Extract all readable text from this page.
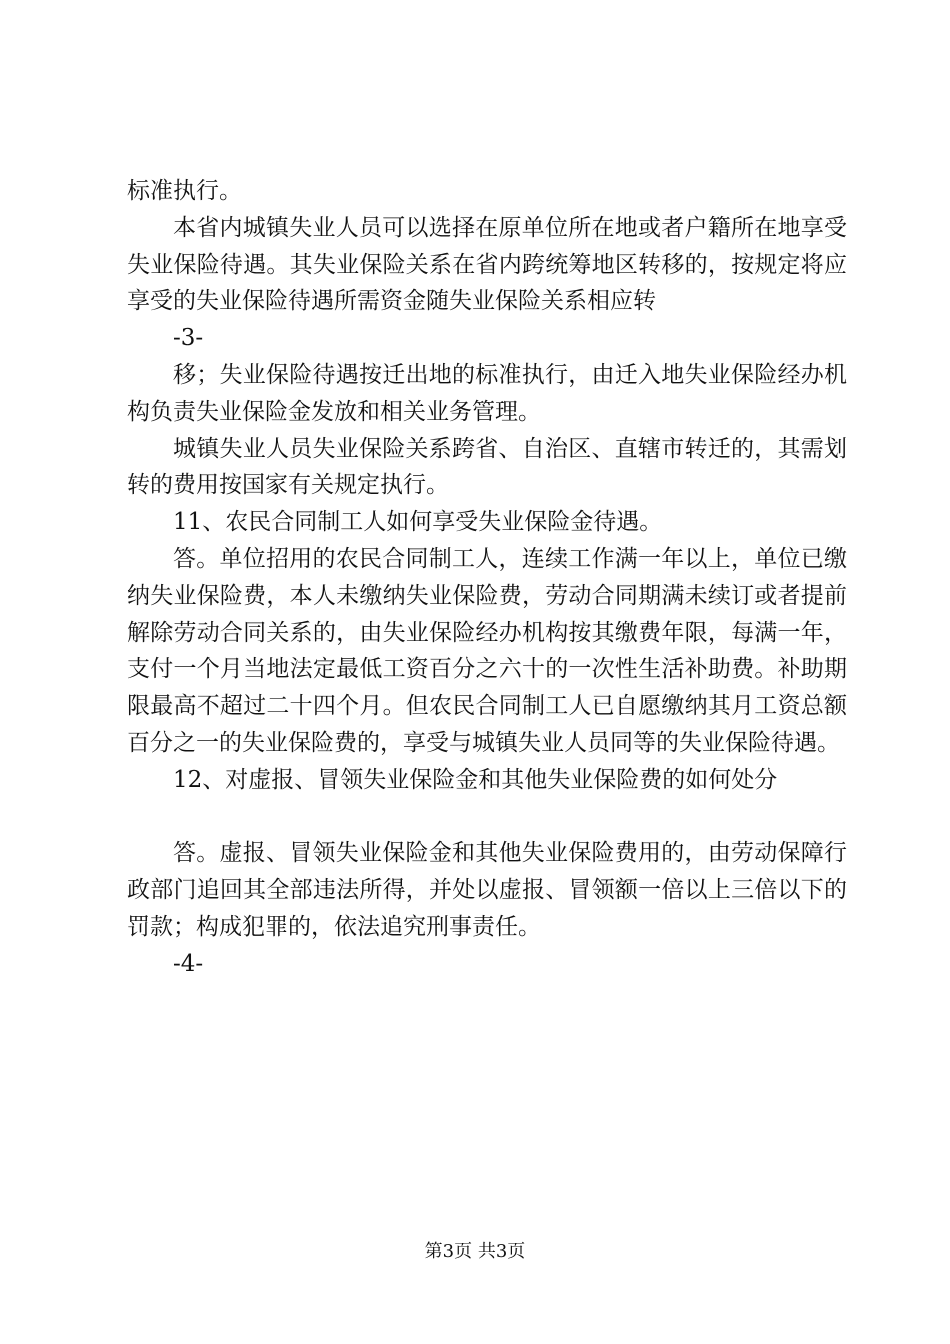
标准执行。

本省内城镇失业人员可以选择在原单位所在地或者户籍所在地享受失业保险待遇。其失业保险关系在省内跨统筹地区转移的，按规定将应享受的失业保险待遇所需资金随失业保险关系相应转

-3-

移；失业保险待遇按迁出地的标准执行，由迁入地失业保险经办机构负责失业保险金发放和相关业务管理。

城镇失业人员失业保险关系跨省、自治区、直辖市转迁的，其需划转的费用按国家有关规定执行。

11、农民合同制工人如何享受失业保险金待遇。

答。单位招用的农民合同制工人，连续工作满一年以上，单位已缴纳失业保险费，本人未缴纳失业保险费，劳动合同期满未续订或者提前解除劳动合同关系的，由失业保险经办机构按其缴费年限，每满一年，支付一个月当地法定最低工资百分之六十的一次性生活补助费。补助期限最高不超过二十四个月。但农民合同制工人已自愿缴纳其月工资总额百分之一的失业保险费的，享受与城镇失业人员同等的失业保险待遇。

12、对虚报、冒领失业保险金和其他失业保险费的如何处分

答。虚报、冒领失业保险金和其他失业保险费用的，由劳动保障行政部门追回其全部违法所得，并处以虚报、冒领额一倍以上三倍以下的罚款；构成犯罪的，依法追究刑事责任。

-4-

第3页 共3页
